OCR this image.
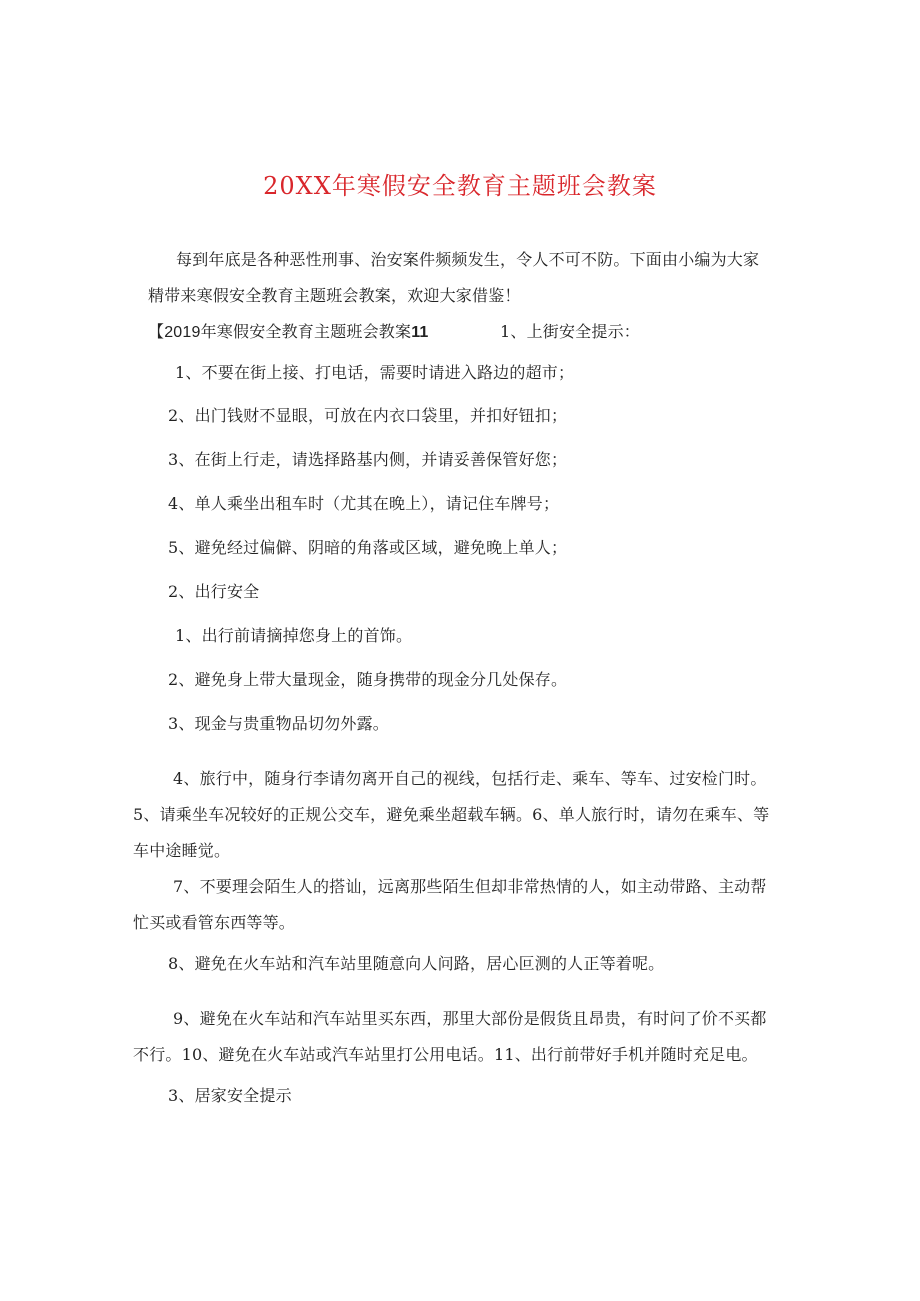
20XX年寒假安全教育主题班会教案
每到年底是各种恶性刑事、治安案件频频发生，令人不可不防。下面由小编为大家
精带来寒假安全教育主题班会教案，欢迎大家借鉴！
【2019年寒假安全教育主题班会教案11	1、上街安全提示：
1、不要在街上接、打电话，需要时请进入路边的超市；
2、出门钱财不显眼，可放在内衣口袋里，并扣好钮扣；
3、在街上行走，请选择路基内侧，并请妥善保管好您；
4、单人乘坐出租车时（尤其在晚上），请记住车牌号；
5、避免经过偏僻、阴暗的角落或区域，避免晚上单人；
2、出行安全
1、出行前请摘掉您身上的首饰。
2、避免身上带大量现金，随身携带的现金分几处保存。
3、现金与贵重物品切勿外露。
4、旅行中，随身行李请勿离开自己的视线，包括行走、乘车、等车、过安检门时。
5、请乘坐车况较好的正规公交车，避免乘坐超载车辆。6、单人旅行时，请勿在乘车、等
车中途睡觉。
7、不要理会陌生人的搭讪，远离那些陌生但却非常热情的人，如主动带路、主动帮
忙买或看管东西等等。
8、避免在火车站和汽车站里随意向人问路，居心叵测的人正等着呢。
9、避免在火车站和汽车站里买东西，那里大部份是假货且昂贵，有时问了价不买都
不行。10、避免在火车站或汽车站里打公用电话。11、出行前带好手机并随时充足电。
3、居家安全提示
